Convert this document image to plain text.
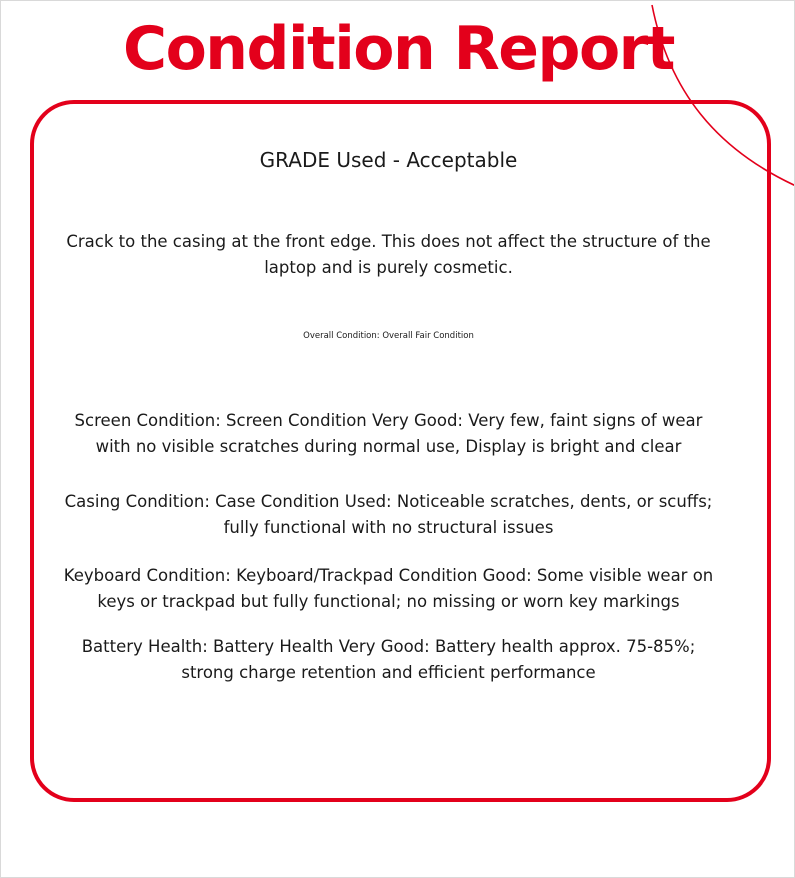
Condition Report
GRADE Used - Acceptable
Crack to the casing at the front edge. This does not affect the structure of the laptop and is purely cosmetic.
Overall Condition: Overall Fair Condition
Screen Condition: Screen Condition Very Good: Very few, faint signs of wear with no visible scratches during normal use, Display is bright and clear
Casing Condition: Case Condition Used: Noticeable scratches, dents, or scuffs; fully functional with no structural issues
Keyboard Condition: Keyboard/Trackpad Condition Good: Some visible wear on keys or trackpad but fully functional; no missing or worn key markings
Battery Health: Battery Health Very Good: Battery health approx. 75-85%; strong charge retention and efficient performance
